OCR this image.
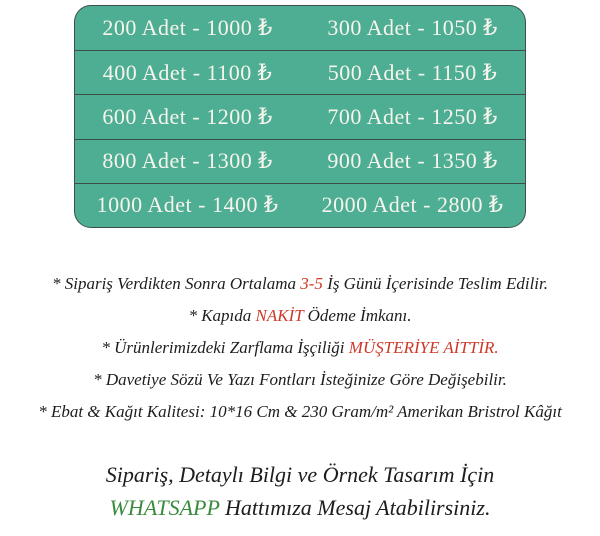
200 Adet - 1000 ₺	300 Adet - 1050 ₺
400 Adet - 1100 ₺	500 Adet - 1150 ₺
600 Adet - 1200 ₺	700 Adet - 1250 ₺
800 Adet - 1300 ₺	900 Adet - 1350 ₺
1000 Adet - 1400 ₺	2000 Adet - 2800 ₺
* Sipariş Verdikten Sonra Ortalama 3-5 İş Günü İçerisinde Teslim Edilir.
* Kapıda NAKİT Ödeme İmkanı.
* Ürünlerimizdeki Zarflama İşçiliği MÜŞTERİYE AİTTİR.
* Davetiye Sözü Ve Yazı Fontları İsteğinize Göre Değişebilir.
* Ebat & Kağıt Kalitesi: 10*16 Cm & 230 Gram/m² Amerikan Bristrol Kâğıt
Sipariş, Detaylı Bilgi ve Örnek Tasarım İçin
WHATSAPP Hattımıza Mesaj Atabilirsiniz.
